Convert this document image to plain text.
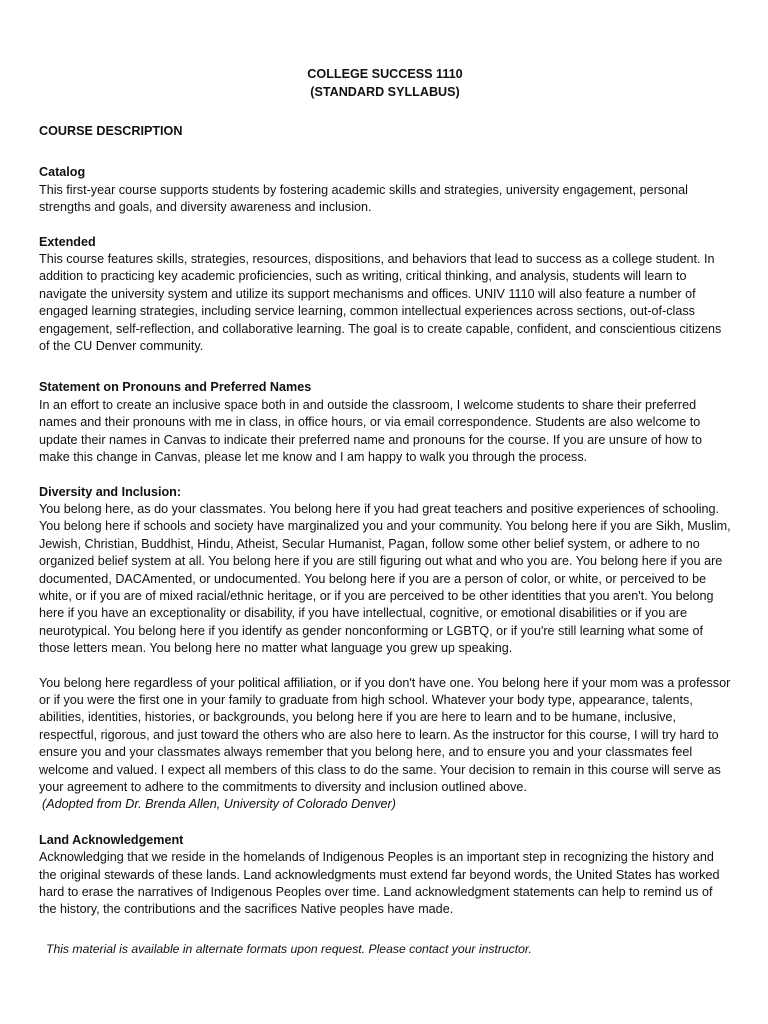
COLLEGE SUCCESS 1110

(STANDARD SYLLABUS)

COURSE DESCRIPTION

Catalog

This first-year course supports students by fostering academic skills and strategies, university engagement, personal strengths and goals, and diversity awareness and inclusion.

Extended

This course features skills, strategies, resources, dispositions, and behaviors that lead to success as a college student. In addition to practicing key academic proficiencies, such as writing, critical thinking, and analysis, students will learn to navigate the university system and utilize its support mechanisms and offices. UNIV 1110 will also feature a number of engaged learning strategies, including service learning, common intellectual experiences across sections, out-of-class engagement, self-reflection, and collaborative learning. The goal is to create capable, confident, and conscientious citizens of the CU Denver community.

Statement on Pronouns and Preferred Names

In an effort to create an inclusive space both in and outside the classroom, I welcome students to share their preferred names and their pronouns with me in class, in office hours, or via email correspondence. Students are also welcome to update their names in Canvas to indicate their preferred name and pronouns for the course. If you are unsure of how to make this change in Canvas, please let me know and I am happy to walk you through the process.

Diversity and Inclusion:

You belong here, as do your classmates. You belong here if you had great teachers and positive experiences of schooling. You belong here if schools and society have marginalized you and your community. You belong here if you are Sikh, Muslim, Jewish, Christian, Buddhist, Hindu, Atheist, Secular Humanist, Pagan, follow some other belief system, or adhere to no organized belief system at all. You belong here if you are still figuring out what and who you are. You belong here if you are documented, DACAmented, or undocumented. You belong here if you are a person of color, or white, or perceived to be white, or if you are of mixed racial/ethnic heritage, or if you are perceived to be other identities that you aren't. You belong here if you have an exceptionality or disability, if you have intellectual, cognitive, or emotional disabilities or if you are neurotypical. You belong here if you identify as gender nonconforming or LGBTQ, or if you're still learning what some of those letters mean. You belong here no matter what language you grew up speaking.

You belong here regardless of your political affiliation, or if you don't have one. You belong here if your mom was a professor or if you were the first one in your family to graduate from high school. Whatever your body type, appearance, talents, abilities, identities, histories, or backgrounds, you belong here if you are here to learn and to be humane, inclusive, respectful, rigorous, and just toward the others who are also here to learn. As the instructor for this course, I will try hard to ensure you and your classmates always remember that you belong here, and to ensure you and your classmates feel welcome and valued. I expect all members of this class to do the same. Your decision to remain in this course will serve as your agreement to adhere to the commitments to diversity and inclusion outlined above.

(Adopted from Dr. Brenda Allen, University of Colorado Denver)

Land Acknowledgement

Acknowledging that we reside in the homelands of Indigenous Peoples is an important step in recognizing the history and the original stewards of these lands. Land acknowledgments must extend far beyond words, the United States has worked hard to erase the narratives of Indigenous Peoples over time. Land acknowledgment statements can help to remind us of the history, the contributions and the sacrifices Native peoples have made.

This material is available in alternate formats upon request. Please contact your instructor.
